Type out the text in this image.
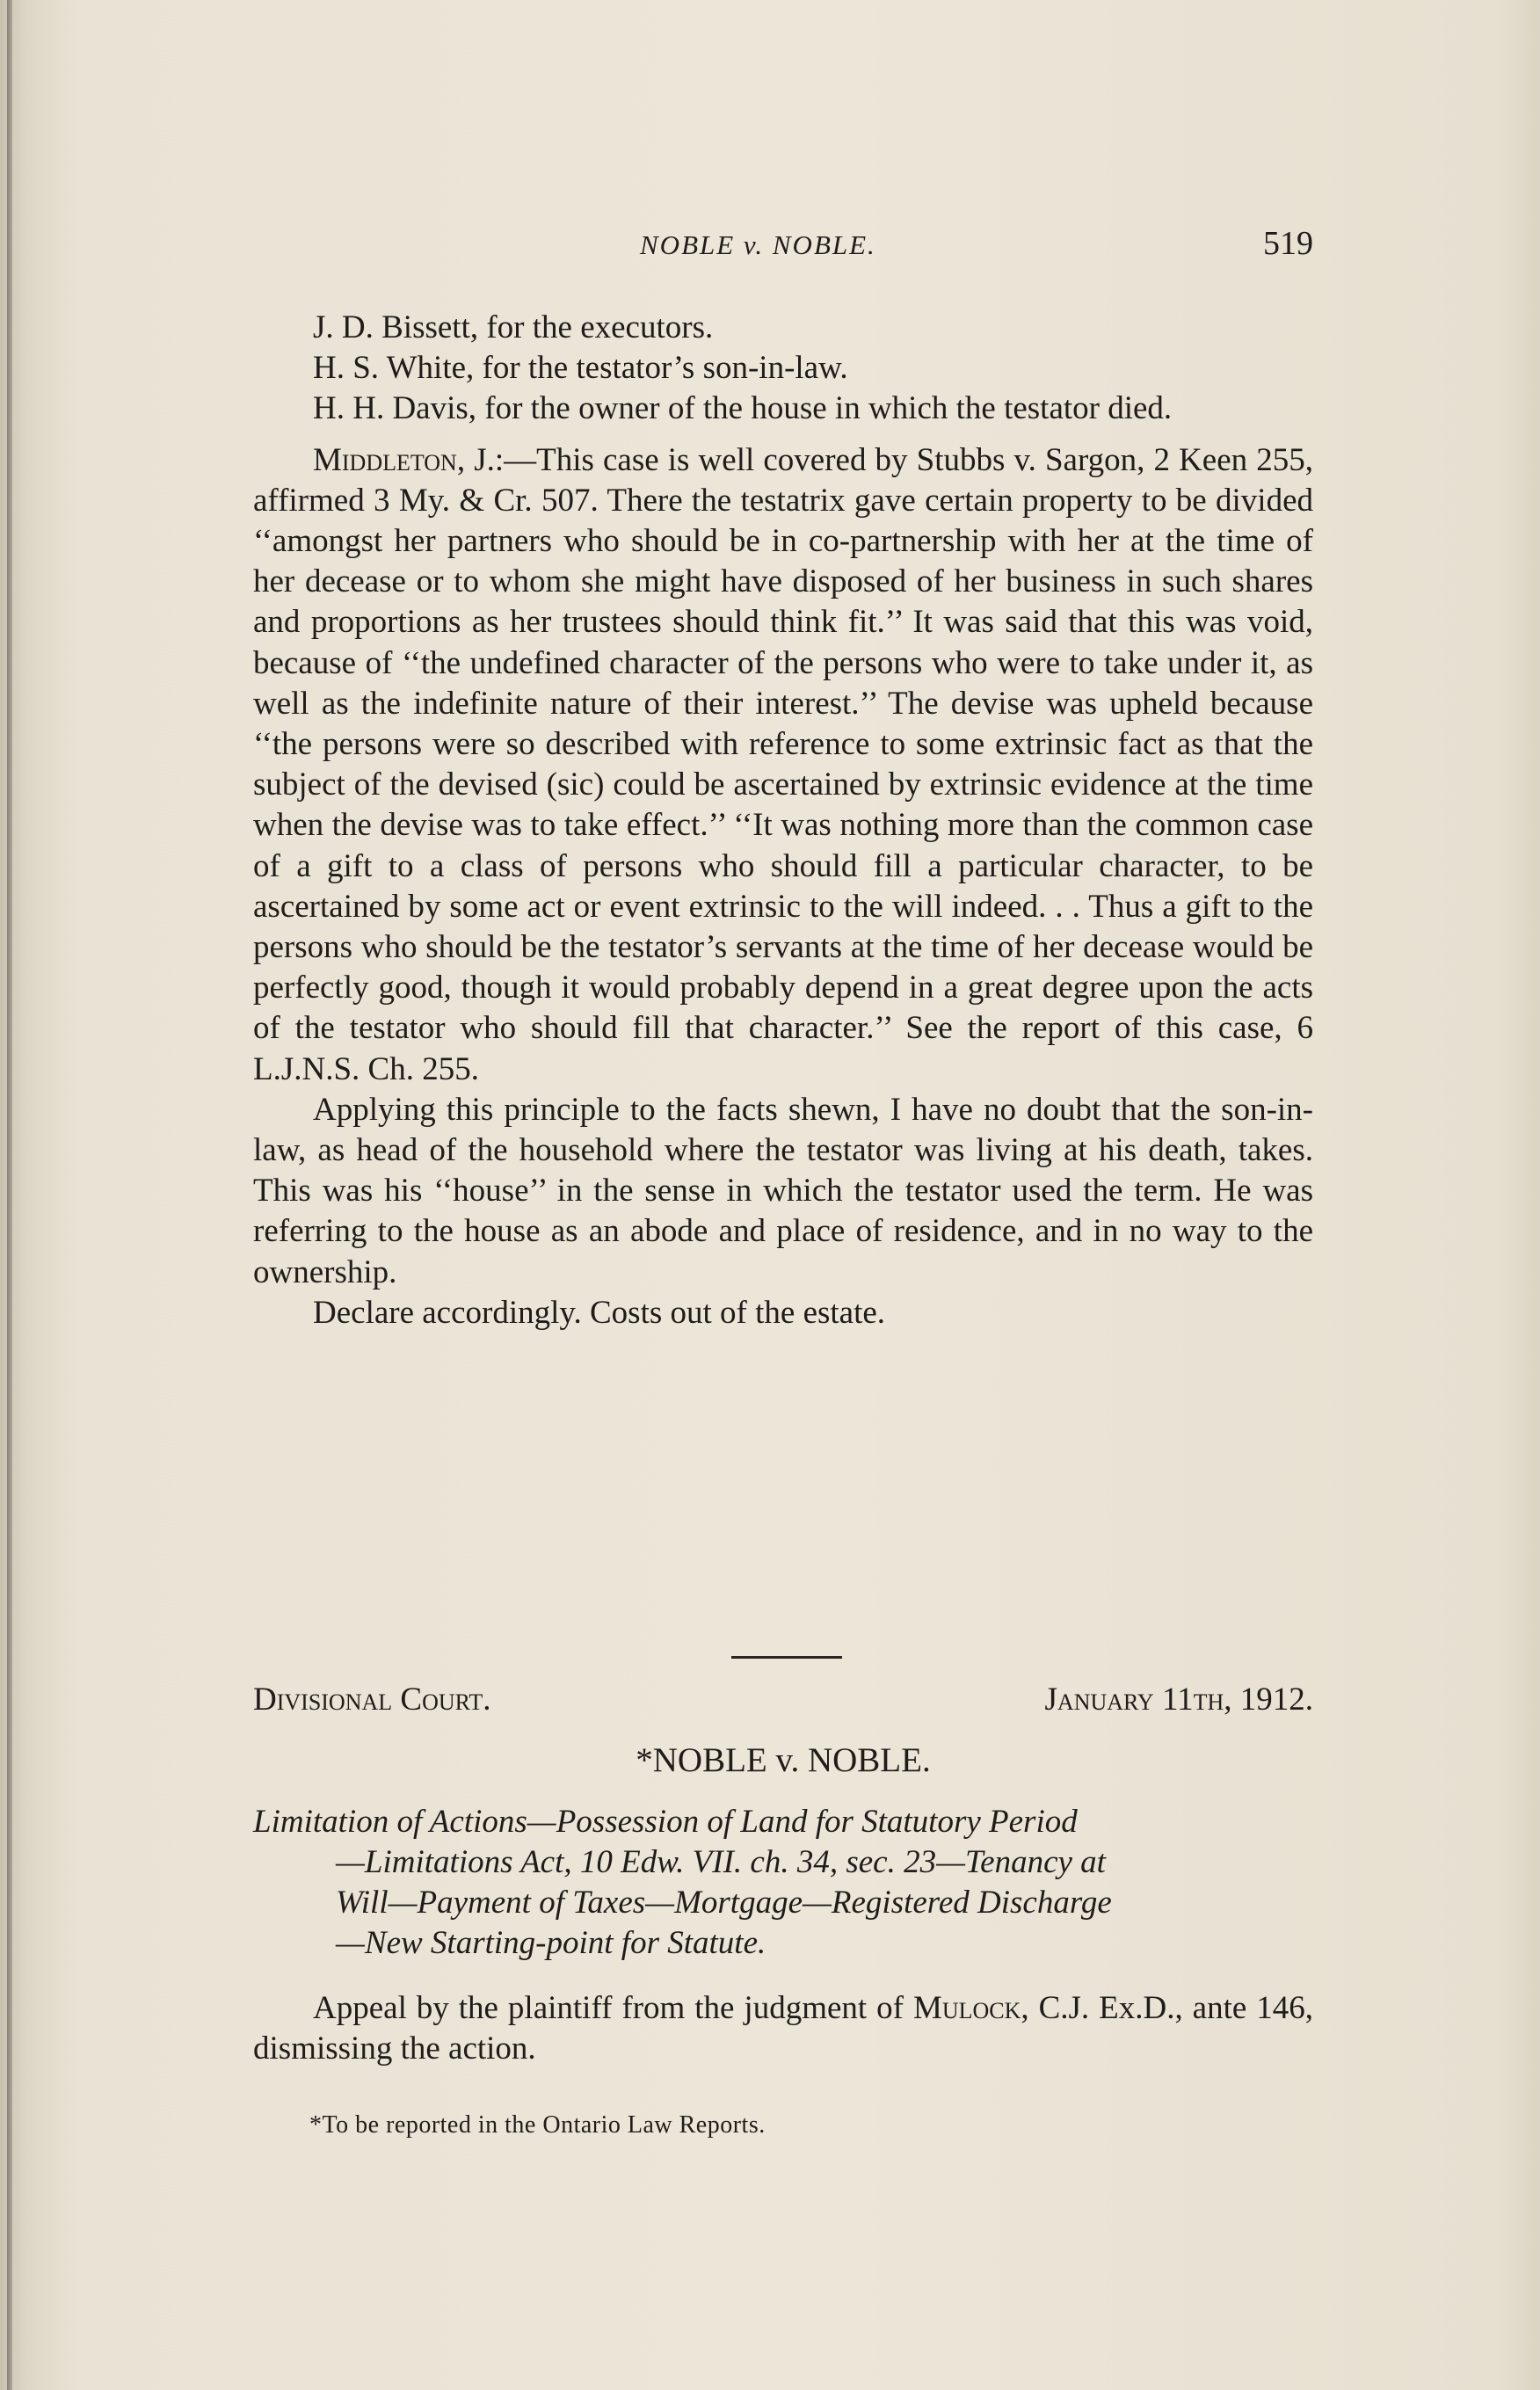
NOBLE v. NOBLE.	519

J. D. Bissett, for the executors.

H. S. White, for the testator’s son-in-law.

H. H. Davis, for the owner of the house in which the testator died.

Middleton, J.:—This case is well covered by Stubbs v. Sargon, 2 Keen 255, affirmed 3 My. & Cr. 507. There the testatrix gave certain property to be divided ‘‘amongst her partners who should be in co-partnership with her at the time of her decease or to whom she might have disposed of her business in such shares and proportions as her trustees should think fit.’’ It was said that this was void, because of ‘‘the undefined character of the persons who were to take under it, as well as the indefinite nature of their interest.’’ The devise was upheld because ‘‘the persons were so described with reference to some extrinsic fact as that the subject of the devised (sic) could be ascertained by extrinsic evidence at the time when the devise was to take effect.’’ ‘‘It was nothing more than the common case of a gift to a class of persons who should fill a particular character, to be ascertained by some act or event extrinsic to the will indeed. . . Thus a gift to the persons who should be the testator’s servants at the time of her decease would be perfectly good, though it would probably depend in a great degree upon the acts of the testator who should fill that character.’’ See the report of this case, 6 L.J.N.S. Ch. 255.

Applying this principle to the facts shewn, I have no doubt that the son-in-law, as head of the household where the testator was living at his death, takes. This was his ‘‘house’’ in the sense in which the testator used the term. He was referring to the house as an abode and place of residence, and in no way to the ownership.

Declare accordingly. Costs out of the estate.

Divisional Court.	January 11th, 1912.
*NOBLE v. NOBLE.
Limitation of Actions—Possession of Land for Statutory Period
—Limitations Act, 10 Edw. VII. ch. 34, sec. 23—Tenancy at
Will—Payment of Taxes—Mortgage—Registered Discharge
—New Starting-point for Statute.

Appeal by the plaintiff from the judgment of Mulock, C.J. Ex.D., ante 146, dismissing the action.

*To be reported in the Ontario Law Reports.
